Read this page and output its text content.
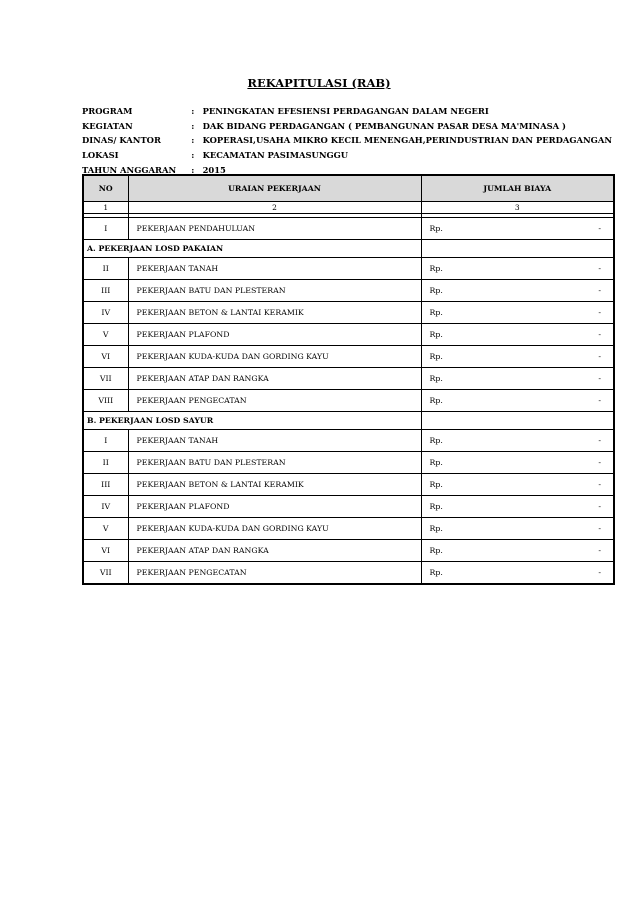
REKAPITULASI (RAB)
PROGRAM	:	PENINGKATAN EFESIENSI PERDAGANGAN DALAM NEGERI
KEGIATAN	:	DAK BIDANG PERDAGANGAN ( PEMBANGUNAN PASAR DESA MA'MINASA )
DINAS/ KANTOR	:	KOPERASI,USAHA MIKRO KECIL MENENGAH,PERINDUSTRIAN DAN PERDAGANGAN
LOKASI	:	KECAMATAN PASIMASUNGGU
TAHUN ANGGARAN	:	2015
NO	URAIAN PEKERJAAN	JUMLAH BIAYA	
1	2	3	

I	PEKERJAAN PENDAHULUAN	Rp.	-
A. PEKERJAAN LOSD PAKAIAN			
II	PEKERJAAN TANAH	Rp.	-
III	PEKERJAAN BATU DAN PLESTERAN	Rp.	-
IV	PEKERJAAN BETON & LANTAI KERAMIK	Rp.	-
V	PEKERJAAN PLAFOND	Rp.	-
VI	PEKERJAAN KUDA-KUDA DAN GORDING KAYU	Rp.	-
VII	PEKERJAAN ATAP DAN RANGKA	Rp.	-
VIII	PEKERJAAN PENGECATAN	Rp.	-
B. PEKERJAAN LOSD SAYUR			
I	PEKERJAAN TANAH	Rp.	-
II	PEKERJAAN BATU DAN PLESTERAN	Rp.	-
III	PEKERJAAN BETON & LANTAI KERAMIK	Rp.	-
IV	PEKERJAAN PLAFOND	Rp.	-
V	PEKERJAAN KUDA-KUDA DAN GORDING KAYU	Rp.	-
VI	PEKERJAAN ATAP DAN RANGKA	Rp.	-
VII	PEKERJAAN PENGECATAN	Rp.	-
